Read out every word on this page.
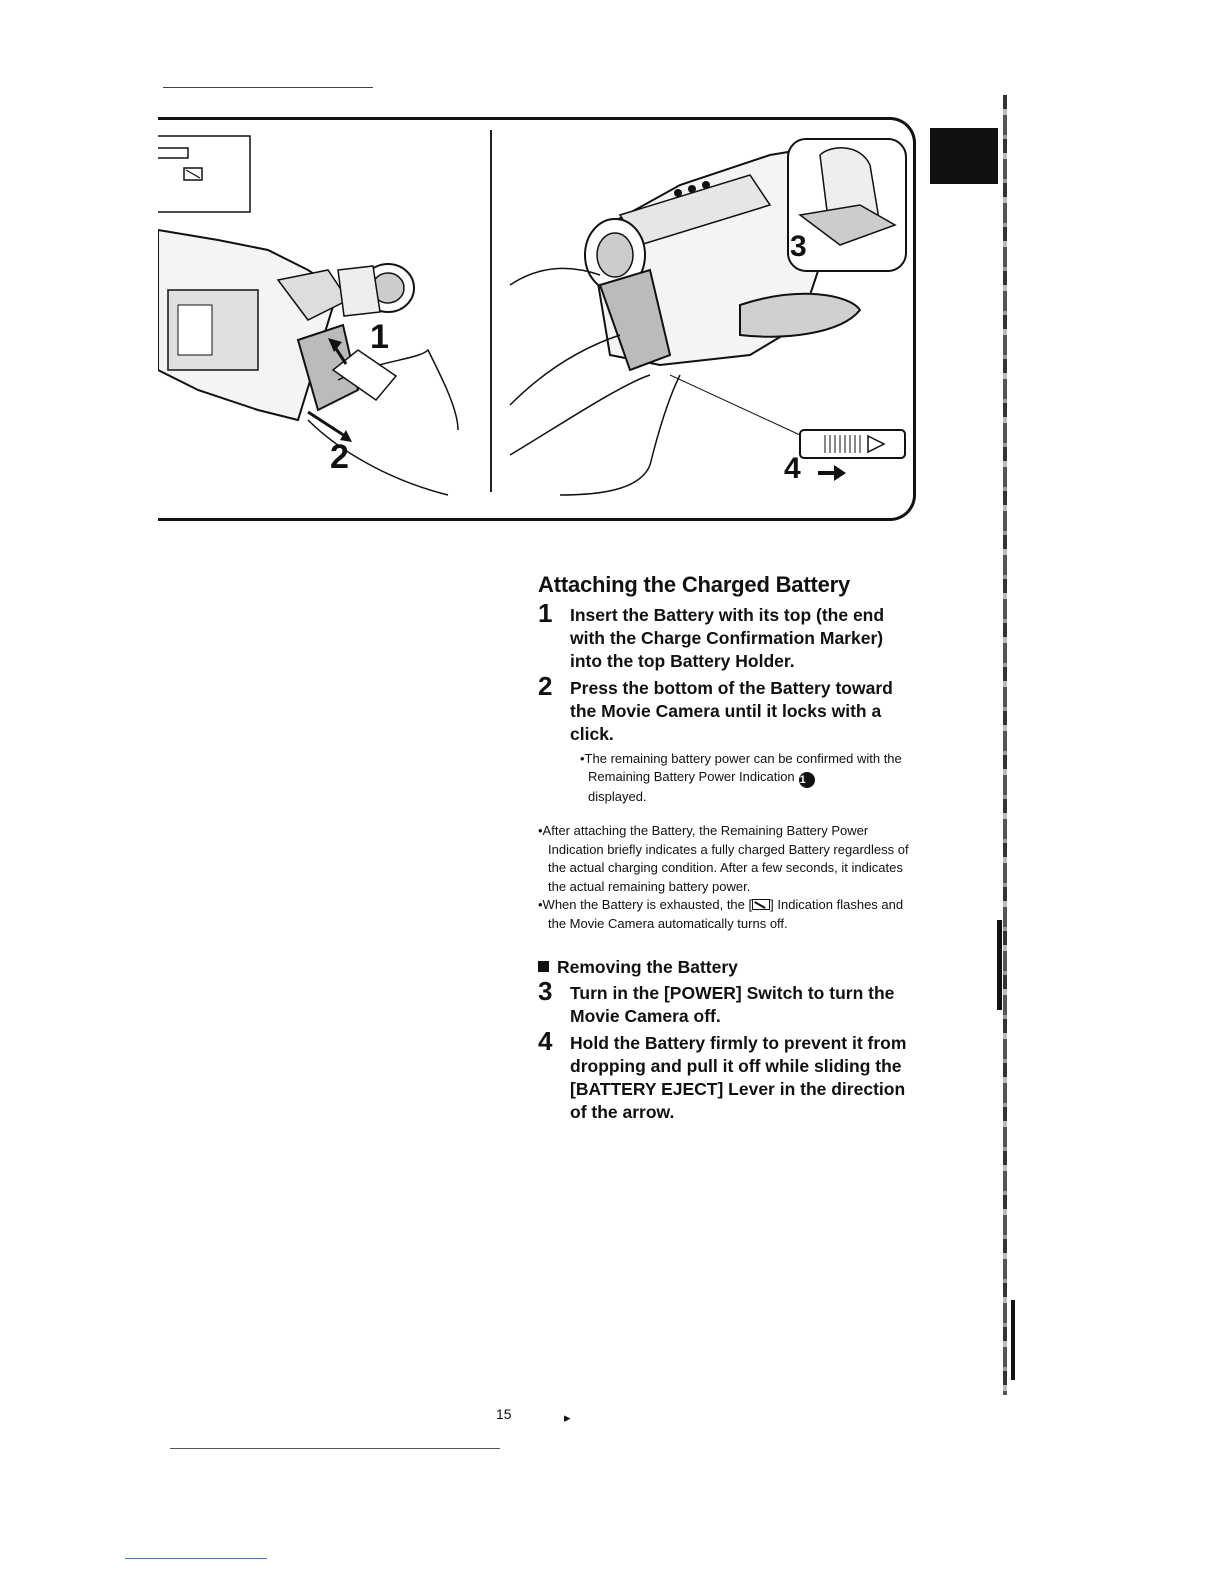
1
2
3
4
Attaching the Charged Battery
1 Insert the Battery with its top (the end with the Charge Confirmation Marker) into the top Battery Holder.
2 Press the bottom of the Battery toward the Movie Camera until it locks with a click.
•The remaining battery power can be confirmed with the Remaining Battery Power Indication 1
displayed.
•After attaching the Battery, the Remaining Battery Power Indication briefly indicates a fully charged Battery regardless of the actual charging condition. After a few seconds, it indicates the actual remaining battery power.
•When the Battery is exhausted, the [ ] Indication flashes and the Movie Camera automatically turns off.
Removing the Battery
3 Turn in the [POWER] Switch to turn the Movie Camera off.
4 Hold the Battery firmly to prevent it from dropping and pull it off while sliding the [BATTERY EJECT] Lever in the direction of the arrow.
15	▸
